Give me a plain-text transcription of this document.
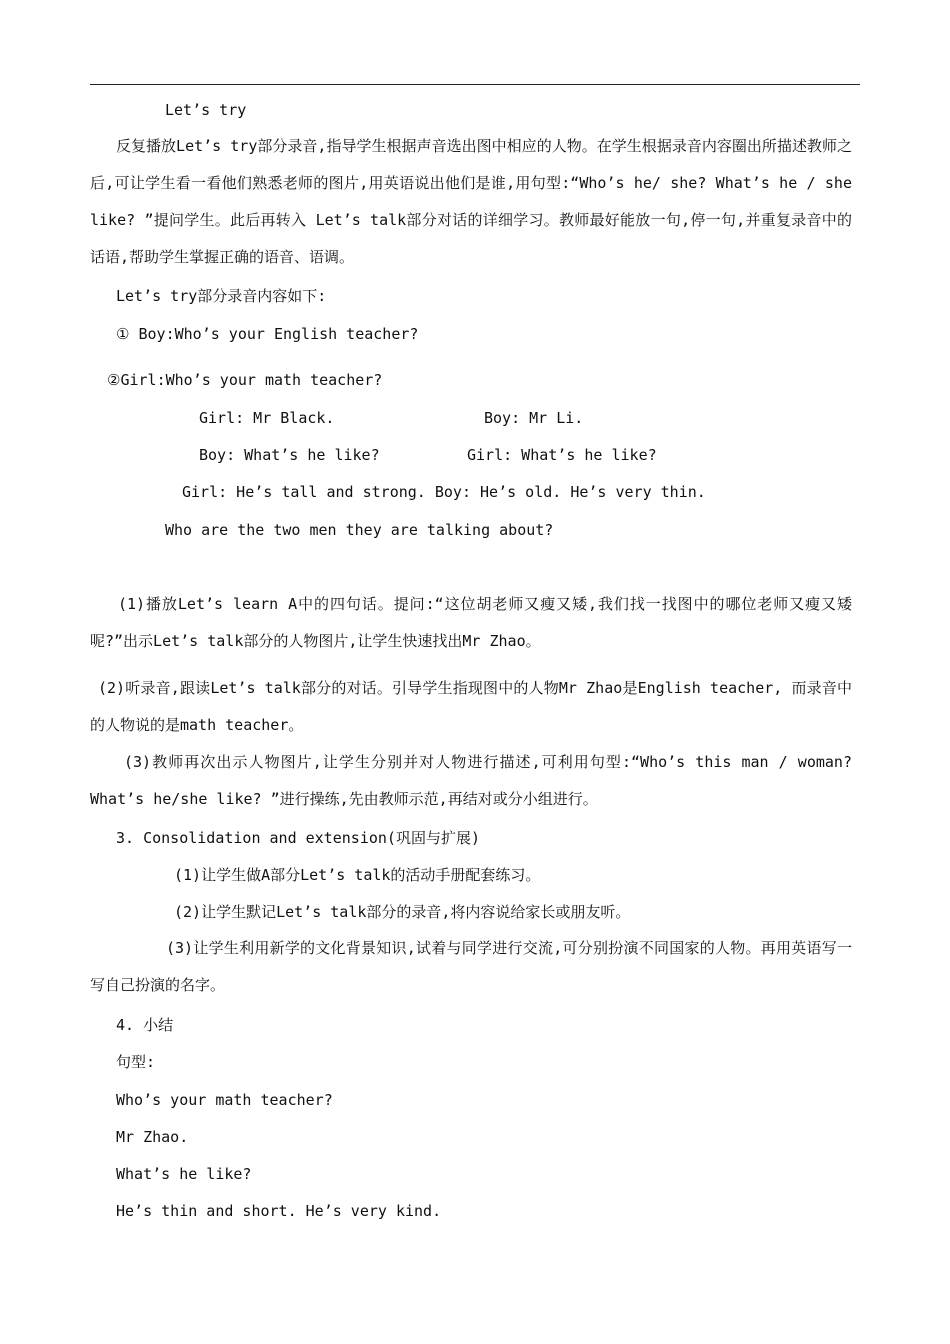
Let’s try
反复播放Let’s try部分录音,指导学生根据声音选出图中相应的人物。在学生根据录音内容圈出所描述教师之后,可让学生看一看他们熟悉老师的图片,用英语说出他们是谁,用句型:“Who’s he/ she? What’s he / she like? ”提问学生。此后再转入 Let’s talk部分对话的详细学习。教师最好能放一句,停一句,并重复录音中的话语,帮助学生掌握正确的语音、语调。
Let’s try部分录音内容如下:
① Boy:Who’s your English teacher?
②Girl:Who’s your math teacher?
Girl: Mr Black.	Boy: Mr Li.
Boy: What’s he like?	Girl: What’s he like?
Girl: He’s tall and strong. Boy: He’s old. He’s very thin.
Who are the two men they are talking about?
(1)播放Let’s learn A中的四句话。提问:“这位胡老师又瘦又矮,我们找一找图中的哪位老师又瘦又矮呢?”出示Let’s talk部分的人物图片,让学生快速找出Mr Zhao。
(2)听录音,跟读Let’s talk部分的对话。引导学生指现图中的人物Mr Zhao是English teacher, 而录音中的人物说的是math teacher。
(3)教师再次出示人物图片,让学生分别并对人物进行描述,可利用句型:“Who’s this man / woman? What’s he/she like? ”进行操练,先由教师示范,再结对或分小组进行。
3. Consolidation and extension(巩固与扩展)
(1)让学生做A部分Let’s talk的活动手册配套练习。
(2)让学生默记Let’s talk部分的录音,将内容说给家长或朋友听。
(3)让学生利用新学的文化背景知识,试着与同学进行交流,可分别扮演不同国家的人物。再用英语写一写自己扮演的名字。
4. 小结
句型:
Who’s your math teacher?
Mr Zhao.
What’s he like?
He’s thin and short. He’s very kind.
